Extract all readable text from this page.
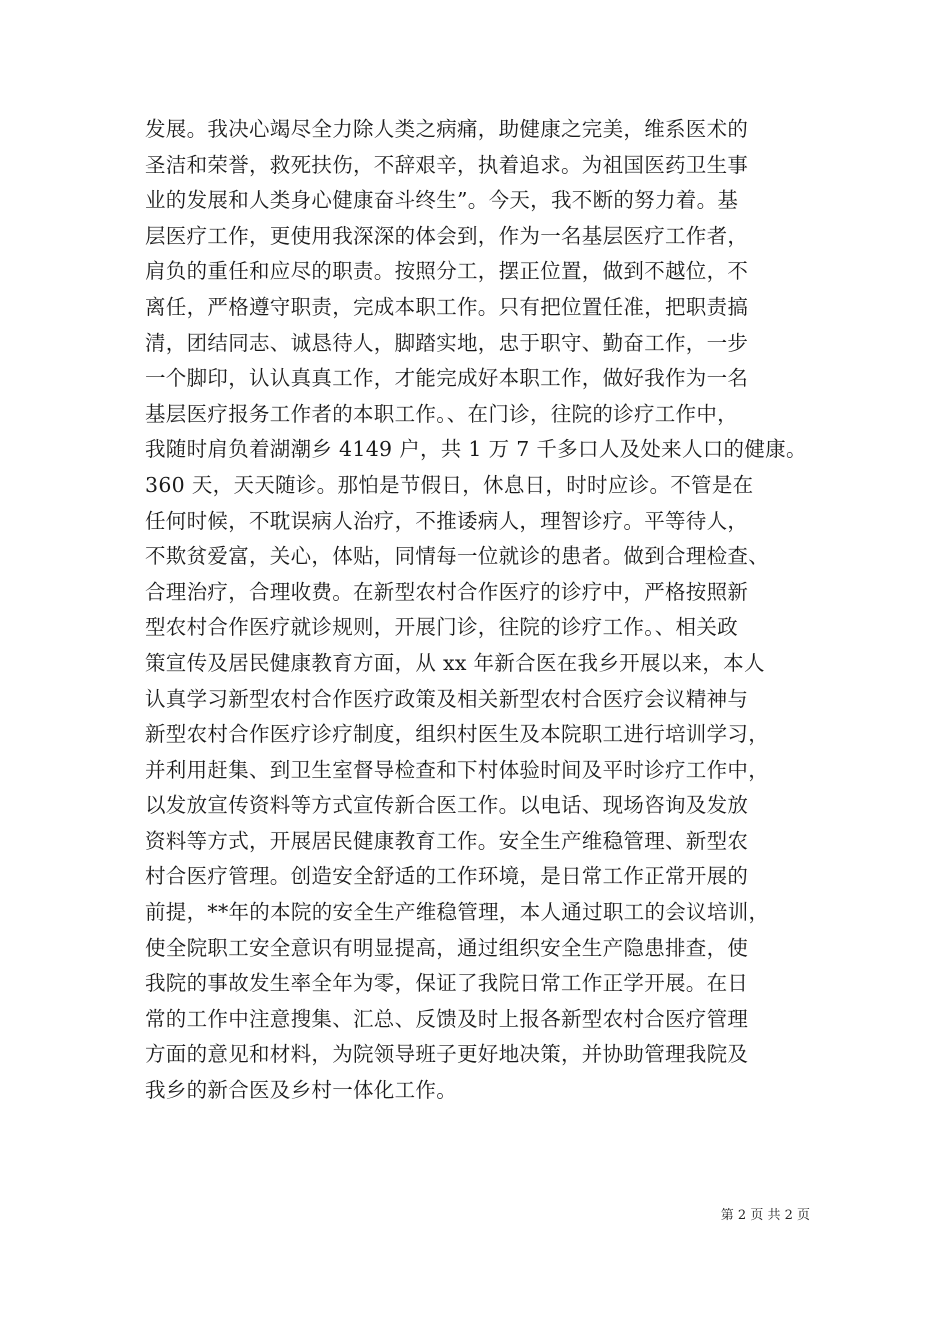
发展。我决心竭尽全力除人类之病痛，助健康之完美，维系医术的
圣洁和荣誉，救死扶伤，不辞艰辛，执着追求。为祖国医药卫生事
业的发展和人类身心健康奋斗终生”。今天，我不断的努力着。基
层医疗工作，更使用我深深的体会到，作为一名基层医疗工作者，
肩负的重任和应尽的职责。按照分工，摆正位置，做到不越位，不
离任，严格遵守职责，完成本职工作。只有把位置任准，把职责搞
清，团结同志、诚恳待人，脚踏实地，忠于职守、勤奋工作，一步
一个脚印，认认真真工作，才能完成好本职工作，做好我作为一名
基层医疗报务工作者的本职工作。、在门诊，往院的诊疗工作中，
我随时肩负着湖潮乡 4149 户，共 1 万 7 千多口人及处来人口的健康。
360 天，天天随诊。那怕是节假日，休息日，时时应诊。不管是在
任何时候，不耽误病人治疗，不推诿病人，理智诊疗。平等待人，
不欺贫爱富，关心，体贴，同情每一位就诊的患者。做到合理检查、
合理治疗，合理收费。在新型农村合作医疗的诊疗中，严格按照新
型农村合作医疗就诊规则，开展门诊，往院的诊疗工作。、相关政
策宣传及居民健康教育方面，从 xx 年新合医在我乡开展以来，本人
认真学习新型农村合作医疗政策及相关新型农村合医疗会议精神与
新型农村合作医疗诊疗制度，组织村医生及本院职工进行培训学习，
并利用赶集、到卫生室督导检查和下村体验时间及平时诊疗工作中，
以发放宣传资料等方式宣传新合医工作。以电话、现场咨询及发放
资料等方式，开展居民健康教育工作。安全生产维稳管理、新型农
村合医疗管理。创造安全舒适的工作环境，是日常工作正常开展的
前提，**年的本院的安全生产维稳管理，本人通过职工的会议培训，
使全院职工安全意识有明显提高，通过组织安全生产隐患排查，使
我院的事故发生率全年为零，保证了我院日常工作正学开展。在日
常的工作中注意搜集、汇总、反馈及时上报各新型农村合医疗管理
方面的意见和材料，为院领导班子更好地决策，并协助管理我院及
我乡的新合医及乡村一体化工作。
第 2 页 共 2 页
